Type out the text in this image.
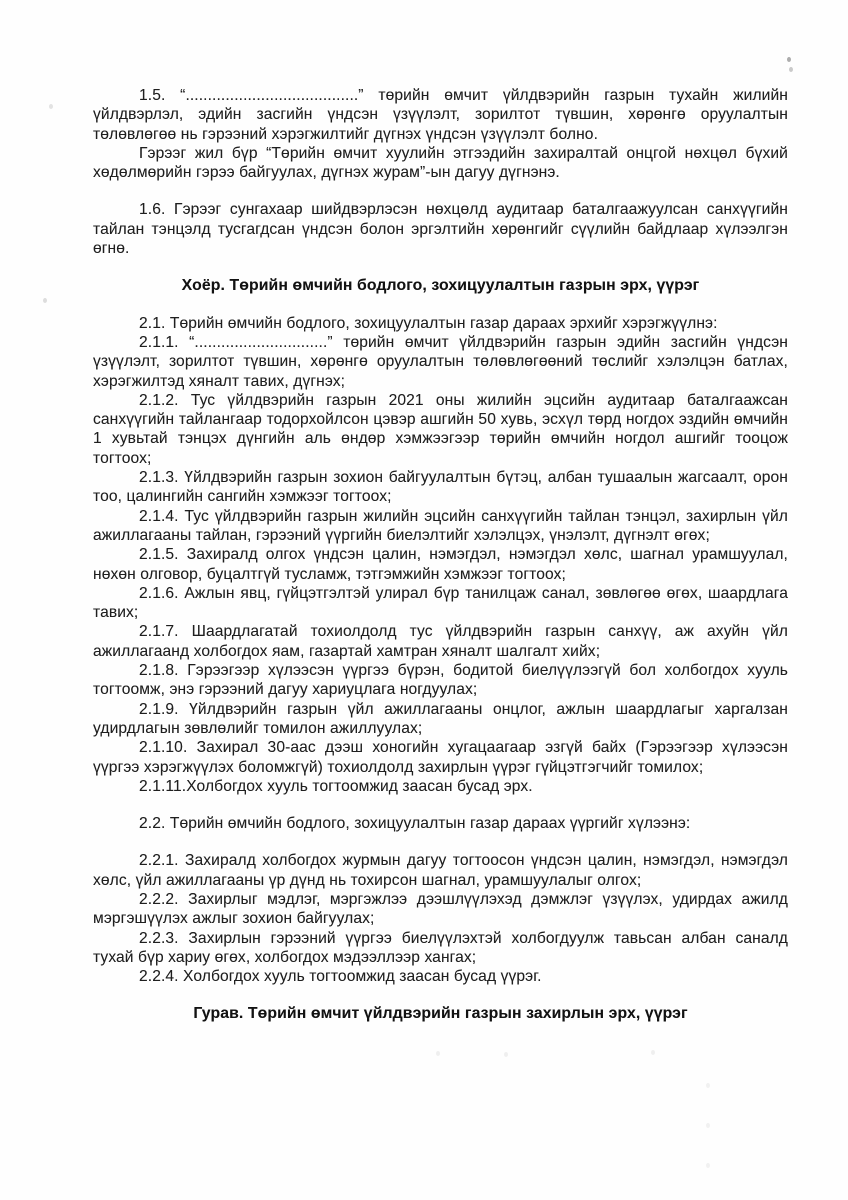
1.5. “.......................................” төрийн өмчит үйлдвэрийн газрын тухайн жилийн үйлдвэрлэл, эдийн засгийн үндсэн үзүүлэлт, зорилтот түвшин, хөрөнгө оруулалтын төлөвлөгөө нь гэрээний хэрэгжилтийг дүгнэх үндсэн үзүүлэлт болно.

Гэрээг жил бүр “Төрийн өмчит хуулийн этгээдийн захиралтай онцгой нөхцөл бүхий хөдөлмөрийн гэрээ байгуулах, дүгнэх журам”-ын дагуу дүгнэнэ.

1.6. Гэрээг сунгахаар шийдвэрлэсэн нөхцөлд аудитаар баталгаажуулсан санхүүгийн тайлан тэнцэлд тусгагдсан үндсэн болон эргэлтийн хөрөнгийг сүүлийн байдлаар хүлээлгэн өгнө.

Хоёр. Төрийн өмчийн бодлого, зохицуулалтын газрын эрх, үүрэг

2.1. Төрийн өмчийн бодлого, зохицуулалтын газар дараах эрхийг хэрэгжүүлнэ:

2.1.1. “..............................” төрийн өмчит үйлдвэрийн газрын эдийн засгийн үндсэн үзүүлэлт, зорилтот түвшин, хөрөнгө оруулалтын төлөвлөгөөний төслийг хэлэлцэн батлах, хэрэгжилтэд хяналт тавих, дүгнэх;

2.1.2. Тус үйлдвэрийн газрын 2021 оны жилийн эцсийн аудитаар баталгаажсан санхүүгийн тайлангаар тодорхойлсон цэвэр ашгийн 50 хувь, эсхүл төрд ногдох эздийн өмчийн 1 хувьтай тэнцэх дүнгийн аль өндөр хэмжээгээр төрийн өмчийн ногдол ашгийг тооцож тогтоох;

2.1.3. Үйлдвэрийн газрын зохион байгуулалтын бүтэц, албан тушаалын жагсаалт, орон тоо, цалингийн сангийн хэмжээг тогтоох;

2.1.4. Тус үйлдвэрийн газрын жилийн эцсийн санхүүгийн тайлан тэнцэл, захирлын үйл ажиллагааны тайлан, гэрээний үүргийн биелэлтийг хэлэлцэх, үнэлэлт, дүгнэлт өгөх;

2.1.5. Захиралд олгох үндсэн цалин, нэмэгдэл, нэмэгдэл хөлс, шагнал урамшуулал, нөхөн олговор, буцалтгүй тусламж, тэтгэмжийн хэмжээг тогтоох;

2.1.6. Ажлын явц, гүйцэтгэлтэй улирал бүр танилцаж санал, зөвлөгөө өгөх, шаардлага тавих;

2.1.7. Шаардлагатай тохиолдолд тус үйлдвэрийн газрын санхүү, аж ахуйн үйл ажиллагаанд холбогдох яам, газартай хамтран хяналт шалгалт хийх;

2.1.8. Гэрээгээр хүлээсэн үүргээ бүрэн, бодитой биелүүлээгүй бол холбогдох хууль тогтоомж, энэ гэрээний дагуу хариуцлага ногдуулах;

2.1.9. Үйлдвэрийн газрын үйл ажиллагааны онцлог, ажлын шаардлагыг харгалзан удирдлагын зөвлөлийг томилон ажиллуулах;

2.1.10. Захирал 30-аас дээш хоногийн хугацаагаар эзгүй байх (Гэрээгээр хүлээсэн үүргээ хэрэгжүүлэх боломжгүй) тохиолдолд захирлын үүрэг гүйцэтгэгчийг томилох;

2.1.11.Холбогдох хууль тогтоомжид заасан бусад эрх.

2.2. Төрийн өмчийн бодлого, зохицуулалтын газар дараах үүргийг хүлээнэ:

2.2.1. Захиралд холбогдох журмын дагуу тогтоосон үндсэн цалин, нэмэгдэл, нэмэгдэл хөлс, үйл ажиллагааны үр дүнд нь тохирсон шагнал, урамшуулалыг олгох;

2.2.2. Захирлыг мэдлэг, мэргэжлээ дээшлүүлэхэд дэмжлэг үзүүлэх, удирдах ажилд мэргэшүүлэх ажлыг зохион байгуулах;

2.2.3. Захирлын гэрээний үүргээ биелүүлэхтэй холбогдуулж тавьсан албан саналд тухай бүр хариу өгөх, холбогдох мэдээллээр хангах;

2.2.4. Холбогдох хууль тогтоомжид заасан бусад үүрэг.

Гурав. Төрийн өмчит үйлдвэрийн газрын захирлын эрх, үүрэг
